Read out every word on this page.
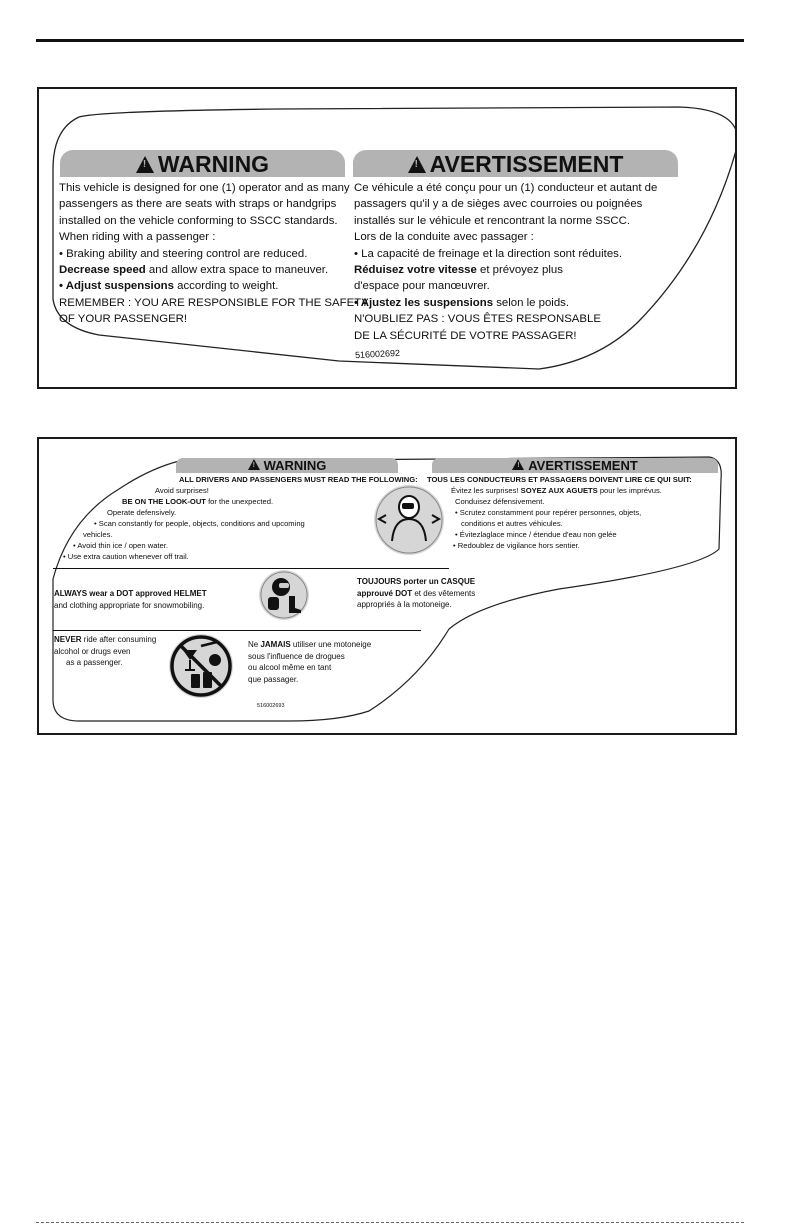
! WARNING	! AVERTISSEMENT
This vehicle is designed for one (1) operator and as many
passengers as there are seats with straps or handgrips
installed on the vehicle conforming to SSCC standards.
When riding with a passenger :
• Braking ability and steering control are reduced.
Decrease speed and allow extra space to maneuver.
• Adjust suspensions according to weight.
REMEMBER : YOU ARE RESPONSIBLE FOR THE SAFETY
OF YOUR PASSENGER!
Ce véhicule a été conçu pour un (1) conducteur et autant de
passagers qu'il y a de sièges avec courroies ou poignées
installés sur le véhicule et rencontrant la norme SSCC.
Lors de la conduite avec passager :
• La capacité de freinage et la direction sont réduites.
Réduisez votre vitesse et prévoyez plus
d'espace pour manœuvrer.
• Ajustez les suspensions selon le poids.
N'OUBLIEZ PAS : VOUS ÊTES RESPONSABLE
DE LA SÉCURITÉ DE VOTRE PASSAGER!
516002692
! WARNING	! AVERTISSEMENT
ALL DRIVERS AND PASSENGERS MUST READ THE FOLLOWING:
Avoid surprises!
BE ON THE LOOK-OUT for the unexpected.
Operate defensively.
• Scan constantly for people, objects, conditions and upcoming
vehicles.
• Avoid thin ice / open water.
• Use extra caution whenever off trail.
TOUS LES CONDUCTEURS ET PASSAGERS DOIVENT LIRE CE QUI SUIT:
Évitez les surprises! SOYEZ AUX AGUETS pour les imprévus.
Conduisez défensivement.
• Scrutez constamment pour repérer personnes, objets,
conditions et autres véhicules.
• Évitezlaglace mince / étendue d'eau non gelée
• Redoublez de vigilance hors sentier.
ALWAYS wear a DOT approved HELMET
and clothing appropriate for snowmobiling.
TOUJOURS porter un CASQUE
approuvé DOT et des vêtements
appropriés à la motoneige.
NEVER ride after consuming
alcohol or drugs even
as a passenger.
Ne JAMAIS utiliser une motoneige
sous l'influence de drogues
ou alcool même en tant
que passager.
516002693
